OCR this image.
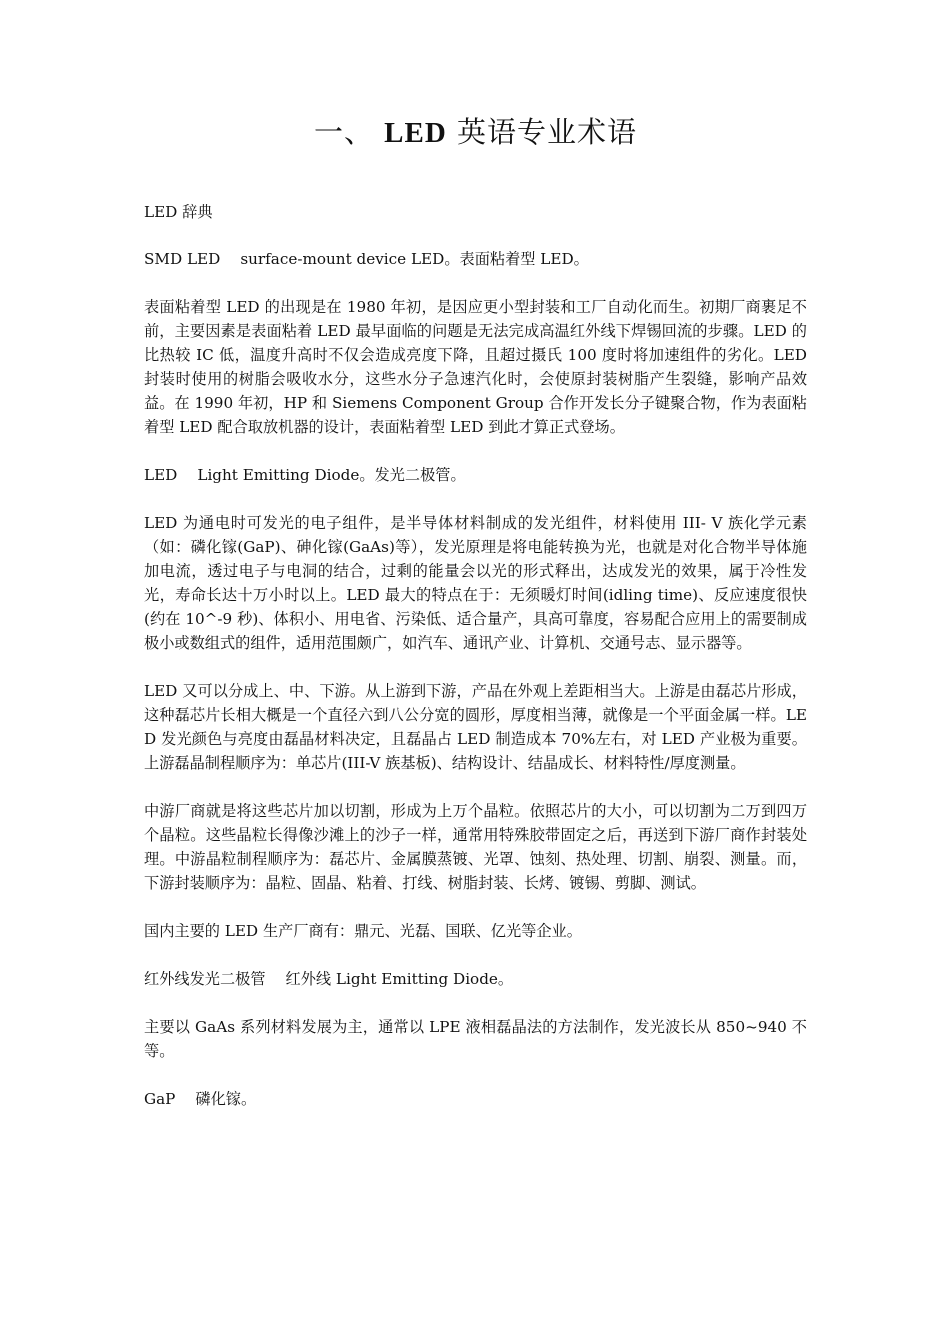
一、 LED 英语专业术语

LED 辞典

SMD LED　 surface-mount device LED。表面粘着型 LED。

表面粘着型 LED 的出现是在 1980 年初，是因应更小型封装和工厂自动化而生。初期厂商裹足不前，主要因素是表面粘着 LED 最早面临的问题是无法完成高温红外线下焊锡回流的步骤。LED 的比热较 IC 低，温度升高时不仅会造成亮度下降，且超过摄氏 100 度时将加速组件的劣化。LED 封装时使用的树脂会吸收水分，这些水分子急速汽化时，会使原封装树脂产生裂缝，影响产品效益。在 1990 年初，HP 和 Siemens Component Group 合作开发长分子键聚合物，作为表面粘着型 LED 配合取放机器的设计，表面粘着型 LED 到此才算正式登场。

LED　 Light Emitting Diode。发光二极管。

LED 为通电时可发光的电子组件，是半导体材料制成的发光组件，材料使用 III- V 族化学元素（如：磷化镓(GaP)、砷化镓(GaAs)等），发光原理是将电能转换为光，也就是对化合物半导体施加电流，透过电子与电洞的结合，过剩的能量会以光的形式释出，达成发光的效果，属于冷性发光，寿命长达十万小时以上。LED 最大的特点在于：无须暖灯时间(idling time)、反应速度很快(约在 10^-9 秒)、体积小、用电省、污染低、适合量产，具高可靠度，容易配合应用上的需要制成极小或数组式的组件，适用范围颇广，如汽车、通讯产业、计算机、交通号志、显示器等。

LED 又可以分成上、中、下游。从上游到下游，产品在外观上差距相当大。上游是由磊芯片形成，这种磊芯片长相大概是一个直径六到八公分宽的圆形，厚度相当薄，就像是一个平面金属一样。LED 发光颜色与亮度由磊晶材料决定，且磊晶占 LED 制造成本 70%左右，对 LED 产业极为重要。上游磊晶制程顺序为：单芯片(III-V 族基板)、结构设计、结晶成长、材料特性/厚度测量。

中游厂商就是将这些芯片加以切割，形成为上万个晶粒。依照芯片的大小，可以切割为二万到四万个晶粒。这些晶粒长得像沙滩上的沙子一样，通常用特殊胶带固定之后，再送到下游厂商作封装处理。中游晶粒制程顺序为：磊芯片、金属膜蒸镀、光罩、蚀刻、热处理、切割、崩裂、测量。而，下游封装顺序为：晶粒、固晶、粘着、打线、树脂封装、长烤、镀锡、剪脚、测试。

国内主要的 LED 生产厂商有：鼎元、光磊、国联、亿光等企业。

红外线发光二极管　 红外线 Light Emitting Diode。

主要以 GaAs 系列材料发展为主，通常以 LPE 液相磊晶法的方法制作，发光波长从 850~940 不等。

GaP　 磷化镓。
